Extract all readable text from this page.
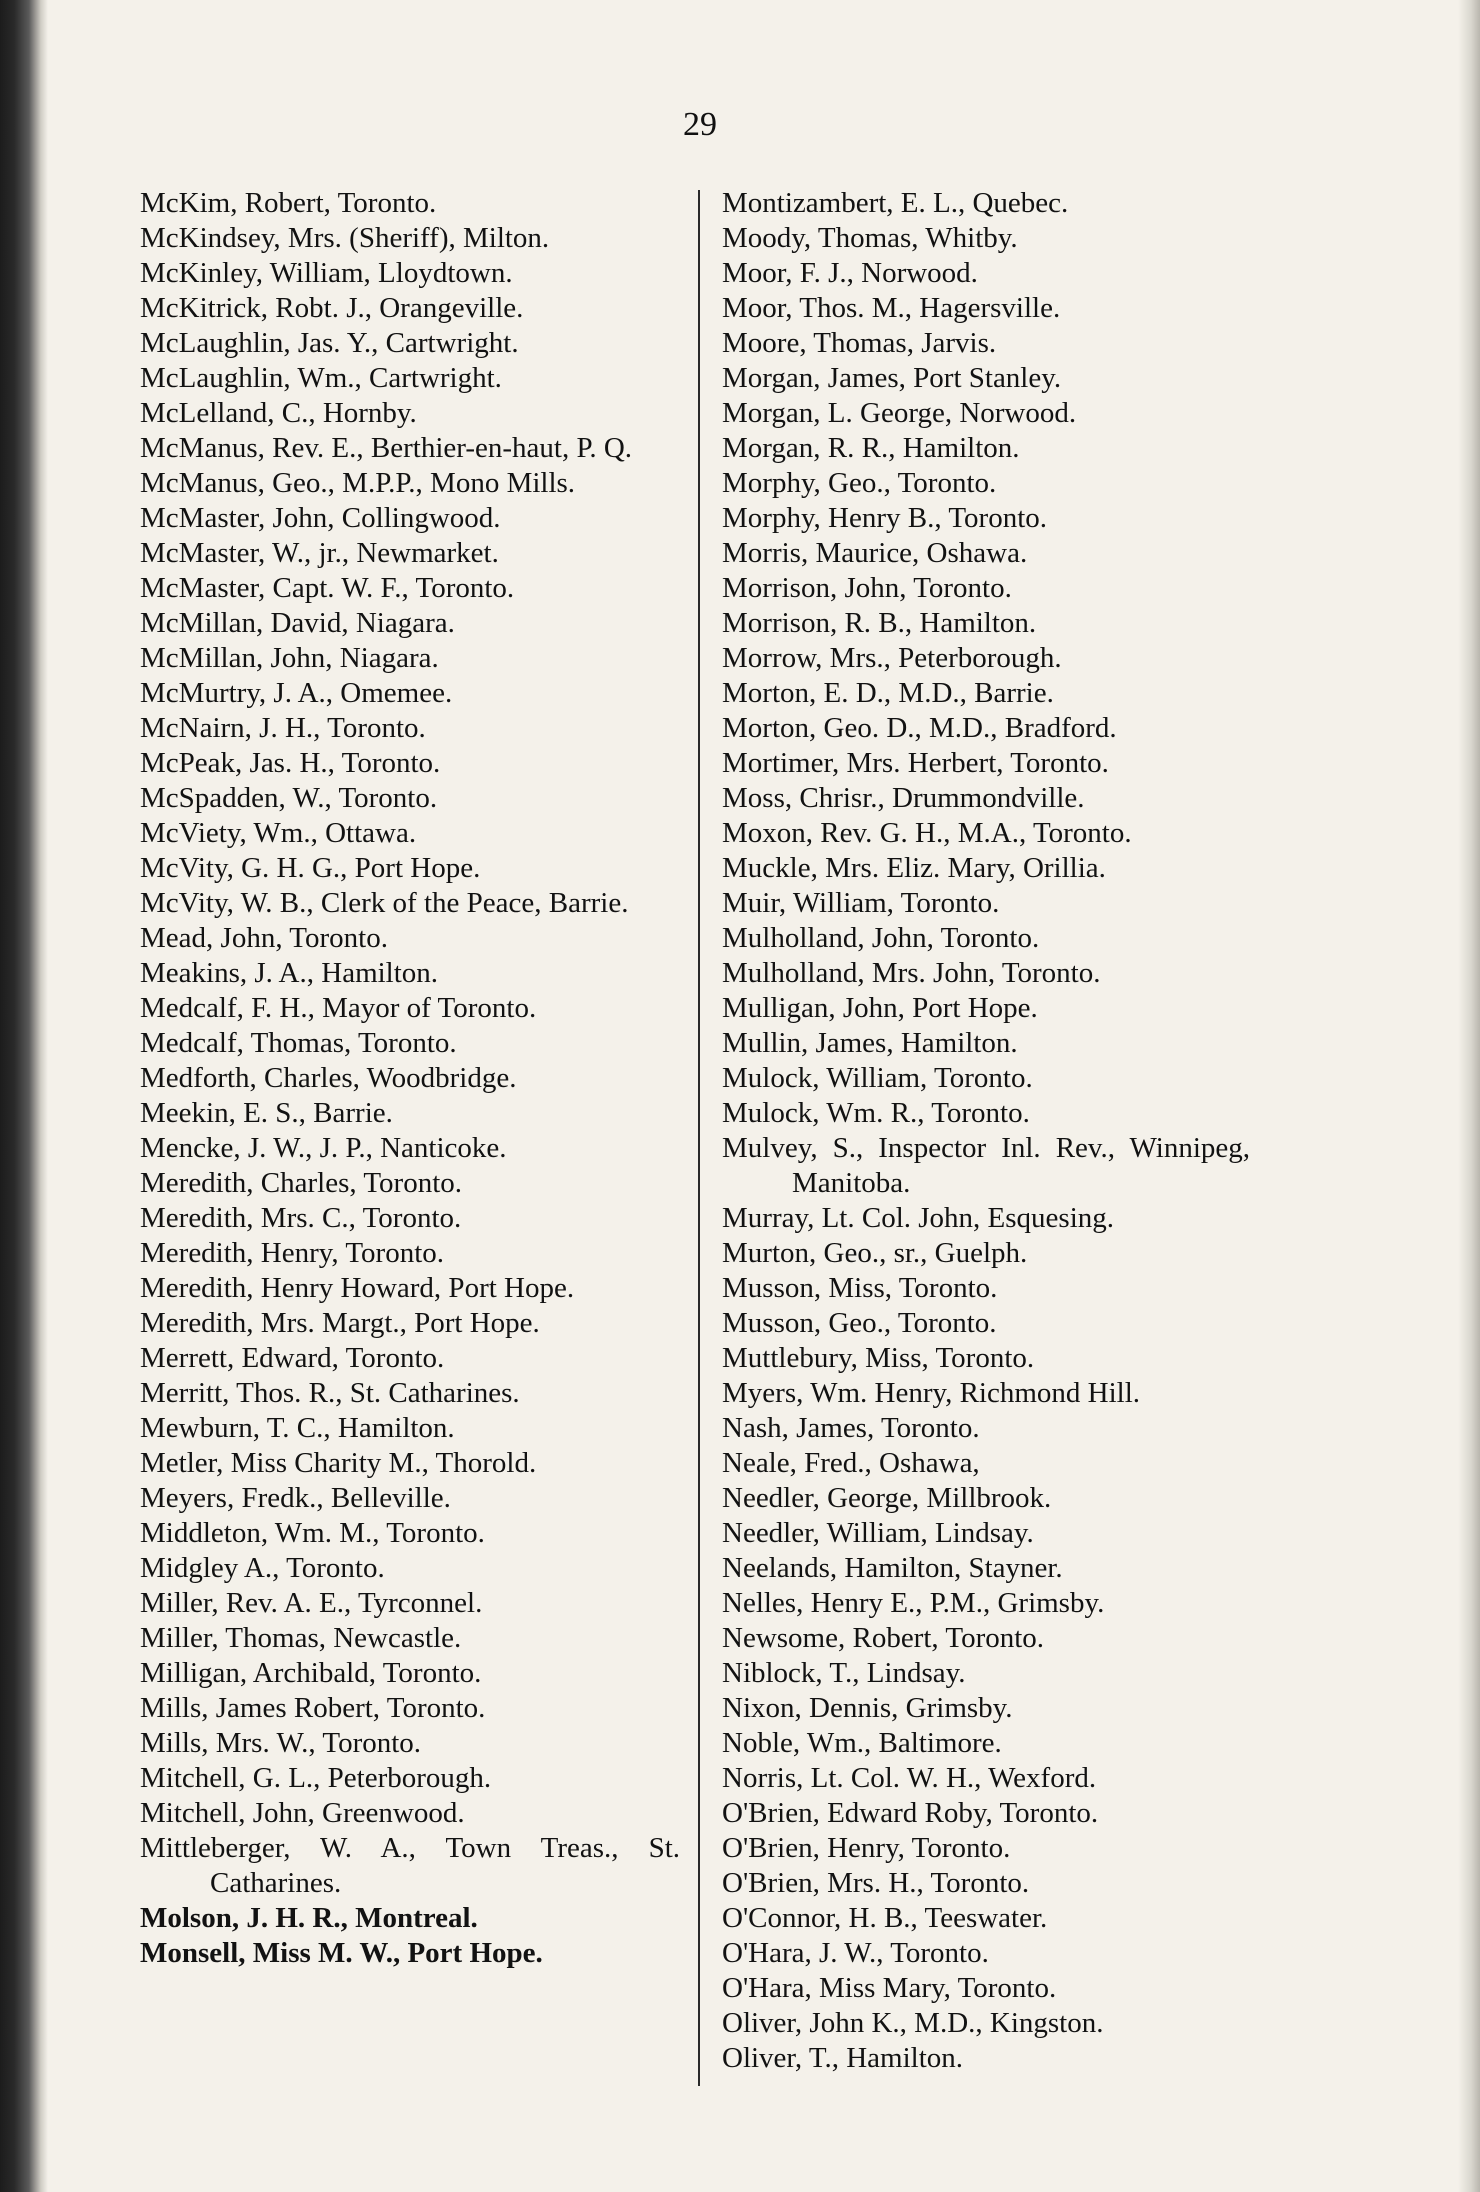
29
McKim, Robert, Toronto.
McKindsey, Mrs. (Sheriff), Milton.
McKinley, William, Lloydtown.
McKitrick, Robt. J., Orangeville.
McLaughlin, Jas. Y., Cartwright.
McLaughlin, Wm., Cartwright.
McLelland, C., Hornby.
McManus, Rev. E., Berthier-en-haut, P. Q.
McManus, Geo., M.P.P., Mono Mills.
McMaster, John, Collingwood.
McMaster, W., jr., Newmarket.
McMaster, Capt. W. F., Toronto.
McMillan, David, Niagara.
McMillan, John, Niagara.
McMurtry, J. A., Omemee.
McNairn, J. H., Toronto.
McPeak, Jas. H., Toronto.
McSpadden, W., Toronto.
McViety, Wm., Ottawa.
McVity, G. H. G., Port Hope.
McVity, W. B., Clerk of the Peace, Barrie.
Mead, John, Toronto.
Meakins, J. A., Hamilton.
Medcalf, F. H., Mayor of Toronto.
Medcalf, Thomas, Toronto.
Medforth, Charles, Woodbridge.
Meekin, E. S., Barrie.
Mencke, J. W., J. P., Nanticoke.
Meredith, Charles, Toronto.
Meredith, Mrs. C., Toronto.
Meredith, Henry, Toronto.
Meredith, Henry Howard, Port Hope.
Meredith, Mrs. Margt., Port Hope.
Merrett, Edward, Toronto.
Merritt, Thos. R., St. Catharines.
Mewburn, T. C., Hamilton.
Metler, Miss Charity M., Thorold.
Meyers, Fredk., Belleville.
Middleton, Wm. M., Toronto.
Midgley A., Toronto.
Miller, Rev. A. E., Tyrconnel.
Miller, Thomas, Newcastle.
Milligan, Archibald, Toronto.
Mills, James Robert, Toronto.
Mills, Mrs. W., Toronto.
Mitchell, G. L., Peterborough.
Mitchell, John, Greenwood.
Mittleberger, W. A., Town Treas., St. Catharines.
Molson, J. H. R., Montreal.
Monsell, Miss M. W., Port Hope.
Montizambert, E. L., Quebec.
Moody, Thomas, Whitby.
Moor, F. J., Norwood.
Moor, Thos. M., Hagersville.
Moore, Thomas, Jarvis.
Morgan, James, Port Stanley.
Morgan, L. George, Norwood.
Morgan, R. R., Hamilton.
Morphy, Geo., Toronto.
Morphy, Henry B., Toronto.
Morris, Maurice, Oshawa.
Morrison, John, Toronto.
Morrison, R. B., Hamilton.
Morrow, Mrs., Peterborough.
Morton, E. D., M.D., Barrie.
Morton, Geo. D., M.D., Bradford.
Mortimer, Mrs. Herbert, Toronto.
Moss, Chrisr., Drummondville.
Moxon, Rev. G. H., M.A., Toronto.
Muckle, Mrs. Eliz. Mary, Orillia.
Muir, William, Toronto.
Mulholland, John, Toronto.
Mulholland, Mrs. John, Toronto.
Mulligan, John, Port Hope.
Mullin, James, Hamilton.
Mulock, William, Toronto.
Mulock, Wm. R., Toronto.
Mulvey, S., Inspector Inl. Rev., Winnipeg, Manitoba.
Murray, Lt. Col. John, Esquesing.
Murton, Geo., sr., Guelph.
Musson, Miss, Toronto.
Musson, Geo., Toronto.
Muttlebury, Miss, Toronto.
Myers, Wm. Henry, Richmond Hill.
Nash, James, Toronto.
Neale, Fred., Oshawa,
Needler, George, Millbrook.
Needler, William, Lindsay.
Neelands, Hamilton, Stayner.
Nelles, Henry E., P.M., Grimsby.
Newsome, Robert, Toronto.
Niblock, T., Lindsay.
Nixon, Dennis, Grimsby.
Noble, Wm., Baltimore.
Norris, Lt. Col. W. H., Wexford.
O'Brien, Edward Roby, Toronto.
O'Brien, Henry, Toronto.
O'Brien, Mrs. H., Toronto.
O'Connor, H. B., Teeswater.
O'Hara, J. W., Toronto.
O'Hara, Miss Mary, Toronto.
Oliver, John K., M.D., Kingston.
Oliver, T., Hamilton.
